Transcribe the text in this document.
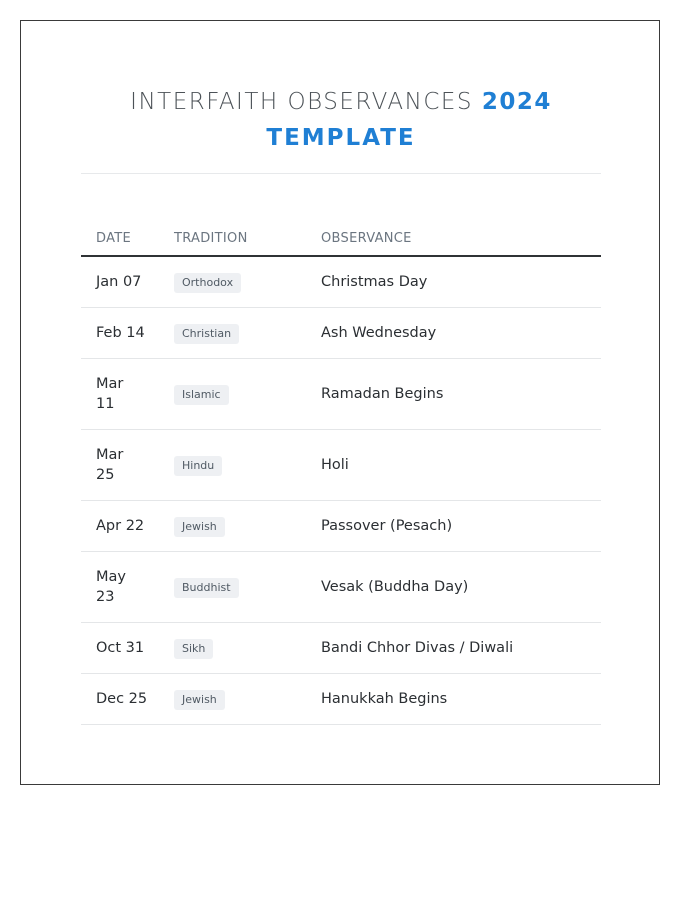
INTERFAITH OBSERVANCES 2024
TEMPLATE
DATE	TRADITION	OBSERVANCE
Jan 07	Orthodox	Christmas Day
Feb 14	Christian	Ash Wednesday
Mar 11	Islamic	Ramadan Begins
Mar 25	Hindu	Holi
Apr 22	Jewish	Passover (Pesach)
May 23	Buddhist	Vesak (Buddha Day)
Oct 31	Sikh	Bandi Chhor Divas / Diwali
Dec 25	Jewish	Hanukkah Begins
